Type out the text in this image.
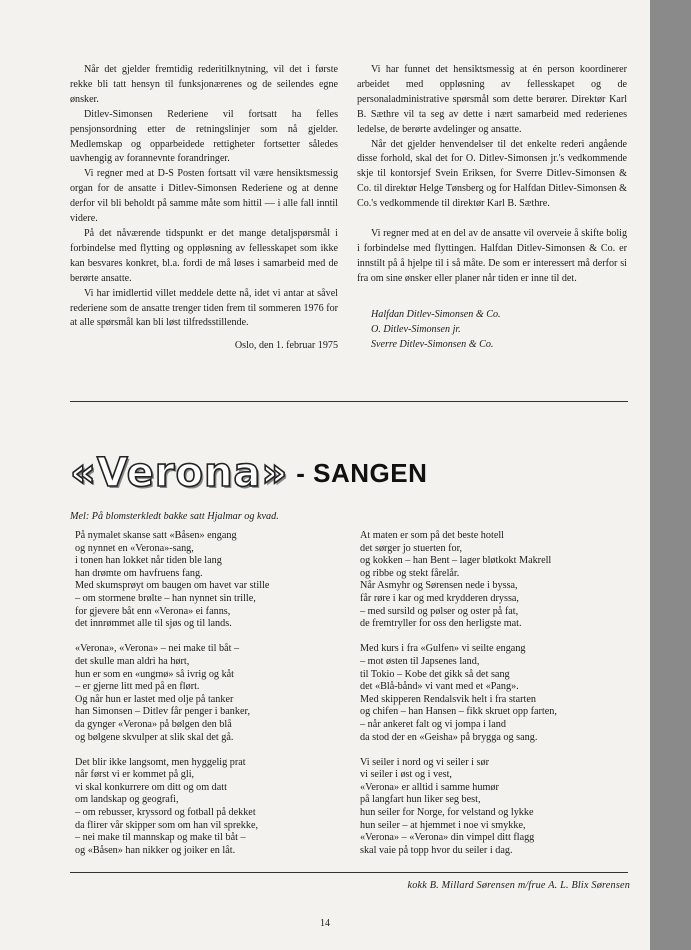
Når det gjelder fremtidig rederitilknytning, vil det i første rekke bli tatt hensyn til funksjonærenes og de seilendes egne ønsker.

Ditlev-Simonsen Rederiene vil fortsatt ha felles pensjonsordning etter de retningslinjer som nå gjelder. Medlemskap og opparbeidede rettigheter fortsetter således uavhengig av forannevnte forandringer.

Vi regner med at D-S Posten fortsatt vil være hensiktsmessig organ for de ansatte i Ditlev-Simonsen Rederiene og at denne derfor vil bli beholdt på samme måte som hittil — i alle fall inntil videre.

På det nåværende tidspunkt er det mange detaljspørsmål i forbindelse med flytting og oppløsning av fellesskapet som ikke kan besvares konkret, bl.a. fordi de må løses i samarbeid med de berørte ansatte.

Vi har imidlertid villet meddele dette nå, idet vi antar at såvel rederiene som de ansatte trenger tiden frem til sommeren 1976 for at alle spørsmål kan bli løst tilfredsstillende.

Oslo, den 1. februar 1975

Vi har funnet det hensiktsmessig at én person koordinerer arbeidet med oppløsning av fellesskapet og de personaladministrative spørsmål som dette berører. Direktør Karl B. Sæthre vil ta seg av dette i nært samarbeid med rederienes ledelse, de berørte avdelinger og ansatte.

Når det gjelder henvendelser til det enkelte rederi angående disse forhold, skal det for O. Ditlev-Simonsen jr.'s vedkommende skje til kontorsjef Svein Eriksen, for Sverre Ditlev-Simonsen & Co. til direktør Helge Tønsberg og for Halfdan Ditlev-Simonsen & Co.'s vedkommende til direktør Karl B. Sæthre.

Vi regner med at en del av de ansatte vil overveie å skifte bolig i forbindelse med flyttingen. Halfdan Ditlev-Simonsen & Co. er innstilt på å hjelpe til i så måte. De som er interessert må derfor si fra om sine ønsker eller planer når tiden er inne til det.

Halfdan Ditlev-Simonsen & Co.

O. Ditlev-Simonsen jr.

Sverre Ditlev-Simonsen & Co.

«Verona» - SANGEN
Mel: På blomsterkledt bakke satt Hjalmar og kvad.
På nymalet skanse satt «Båsen» engang
og nynnet en «Verona»-sang,
i tonen han lokket når tiden ble lang
han drømte om havfruens fang.
Med skumsprøyt om baugen om havet var stille
– om stormene brølte – han nynnet sin trille,
for gjevere båt enn «Verona» ei fanns,
det innrømmet alle til sjøs og til lands.
«Verona», «Verona» – nei make til båt –
det skulle man aldri ha hørt,
hun er som en «ungmø» så ivrig og kåt
– er gjerne litt med på en flørt.
Og når hun er lastet med olje på tanker
han Simonsen – Ditlev får penger i banker,
da gynger «Verona» på bølgen den blå
og bølgene skvulper at slik skal det gå.
Det blir ikke langsomt, men hyggelig prat
når først vi er kommet på gli,
vi skal konkurrere om ditt og om datt
om landskap og geografi,
– om rebusser, kryssord og fotball på dekket
da flirer vår skipper som om han vil sprekke,
– nei make til mannskap og make til båt –
og «Båsen» han nikker og joiker en låt.
At maten er som på det beste hotell
det sørger jo stuerten for,
og kokken – han Bent – lager bløtkokt Makrell
og ribbe og stekt fårelår.
Når Asmyhr og Sørensen nede i byssa,
får røre i kar og med krydderen dryssa,
– med sursild og pølser og oster på fat,
de fremtryller for oss den herligste mat.
Med kurs i fra «Gulfen» vi seilte engang
– mot østen til Japsenes land,
til Tokio – Kobe det gikk så det sang
det «Blå-bånd» vi vant med et «Pang».
Med skipperen Rendalsvik helt i fra starten
og chifen – han Hansen – fikk skruet opp farten,
– når ankeret falt og vi jompa i land
da stod der en «Geisha» på brygga og sang.
Vi seiler i nord og vi seiler i sør
vi seiler i øst og i vest,
«Verona» er alltid i samme humør
på langfart hun liker seg best,
hun seiler for Norge, for velstand og lykke
hun seiler – at hjemmet i noe vi smykke,
«Verona» – «Verona» din vimpel ditt flagg
skal vaie på topp hvor du seiler i dag.
kokk B. Millard Sørensen m/frue A. L. Blix Sørensen
14
